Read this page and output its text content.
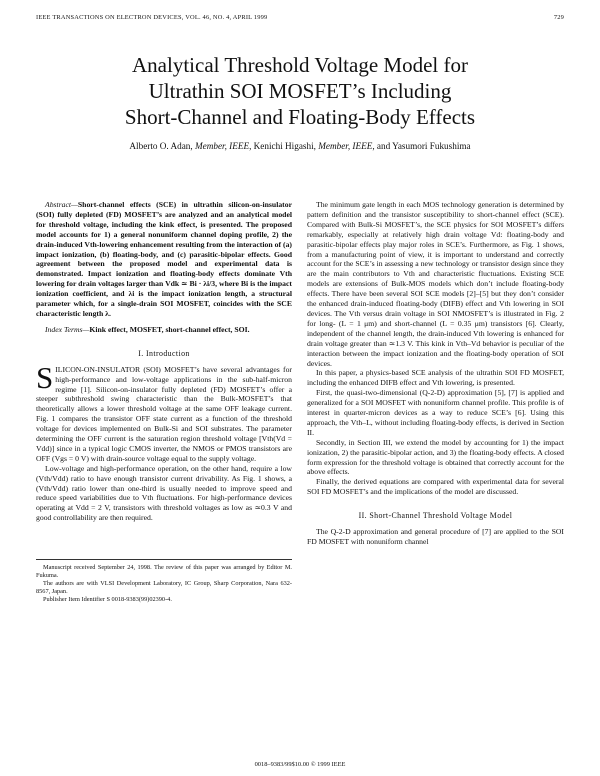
IEEE TRANSACTIONS ON ELECTRON DEVICES, VOL. 46, NO. 4, APRIL 1999	729
Analytical Threshold Voltage Model for
Ultrathin SOI MOSFET’s Including
Short-Channel and Floating-Body Effects
Alberto O. Adan, Member, IEEE, Kenichi Higashi, Member, IEEE, and Yasumori Fukushima

Abstract—Short-channel effects (SCE) in ultrathin silicon-on-insulator (SOI) fully depleted (FD) MOSFET’s are analyzed and an analytical model for threshold voltage, including the kink effect, is presented. The proposed model accounts for 1) a general nonuniform channel doping profile, 2) the drain-induced Vth-lowering enhancement resulting from the interaction of (a) impact ionization, (b) floating-body, and (c) parasitic-bipolar effects. Good agreement between the proposed model and experimental data is demonstrated. Impact ionization and floating-body effects dominate Vth lowering for drain voltages larger than Vdk ≃ Bi · λi/3, where Bi is the impact ionization coefficient, and λi is the impact ionization length, a structural parameter which, for a single-drain SOI MOSFET, coincides with the SCE characteristic length λ.

Index Terms—Kink effect, MOSFET, short-channel effect, SOI.

I. Introduction

SILICON-ON-INSULATOR (SOI) MOSFET’s have several advantages for high-performance and low-voltage applications in the sub-half-micron regime [1]. Silicon-on-insulator fully depleted (FD) MOSFET’s offer a steeper subthreshold swing characteristic than the Bulk-MOSFET’s that theoretically allows a lower threshold voltage at the same OFF leakage current. Fig. 1 compares the transistor OFF state current as a function of the threshold voltage for devices implemented on Bulk-Si and SOI substrates. The parameter determining the OFF current is the saturation region threshold voltage [Vth(Vd = Vdd)] since in a typical logic CMOS inverter, the NMOS or PMOS transistors are OFF (Vgs = 0 V) with drain-source voltage equal to the supply voltage.

Low-voltage and high-performance operation, on the other hand, require a low (Vth/Vdd) ratio to have enough transistor current drivability. As Fig. 1 shows, a (Vth/Vdd) ratio lower than one-third is usually needed to improve speed and reduce speed variabilities due to Vth fluctuations. For high-performance devices operating at Vdd = 2 V, transistors with threshold voltages as low as ≃0.3 V and good controllability are then required.

Manuscript received September 24, 1998. The review of this paper was arranged by Editor M. Fukuma.

The authors are with VLSI Development Laboratory, IC Group, Sharp Corporation, Nara 632-8567, Japan.

Publisher Item Identifier S 0018-9383(99)02390-4.

The minimum gate length in each MOS technology generation is determined by pattern definition and the transistor susceptibility to short-channel effect (SCE). Compared with Bulk-Si MOSFET’s, the SCE physics for SOI MOSFET’s differs remarkably, especially at relatively high drain voltage Vd: floating-body and parasitic-bipolar effects play major roles in SCE’s. Furthermore, as Fig. 1 shows, from a manufacturing point of view, it is important to understand and correctly account for the SCE’s in assessing a new technology or transistor design since they are the main contributors to Vth and characteristic fluctuations. Existing SCE models are extensions of Bulk-MOS models which don’t include floating-body effects. There have been several SOI SCE models [2]–[5] but they don’t consider the enhanced drain-induced floating-body (DIFB) effect and Vth lowering in SOI devices. The Vth versus drain voltage in SOI NMOSFET’s is illustrated in Fig. 2 for long- (L = 1 μm) and short-channel (L = 0.35 μm) transistors [6]. Clearly, independent of the channel length, the drain-induced Vth lowering is enhanced for drain voltage greater than ≃1.3 V. This kink in Vth–Vd behavior is peculiar of the interaction between the impact ionization and the floating-body operation of SOI devices.

In this paper, a physics-based SCE analysis of the ultrathin SOI FD MOSFET, including the enhanced DIFB effect and Vth lowering, is presented.

First, the quasi-two-dimensional (Q-2-D) approximation [5], [7] is applied and generalized for a SOI MOSFET with nonuniform channel profile. This profile is of interest in quarter-micron devices as a way to reduce SCE’s [6]. Using this approach, the Vth–L, without including floating-body effects, is derived in Section II.

Secondly, in Section III, we extend the model by accounting for 1) the impact ionization, 2) the parasitic-bipolar action, and 3) the floating-body effects. A closed form expression for the threshold voltage is obtained that correctly account for the above effects.

Finally, the derived equations are compared with experimental data for several SOI FD MOSFET’s and the implications of the model are discussed.

II. Short-Channel Threshold Voltage Model

The Q-2-D approximation and general procedure of [7] are applied to the SOI FD MOSFET with nonuniform channel

0018–9383/99$10.00 © 1999 IEEE
